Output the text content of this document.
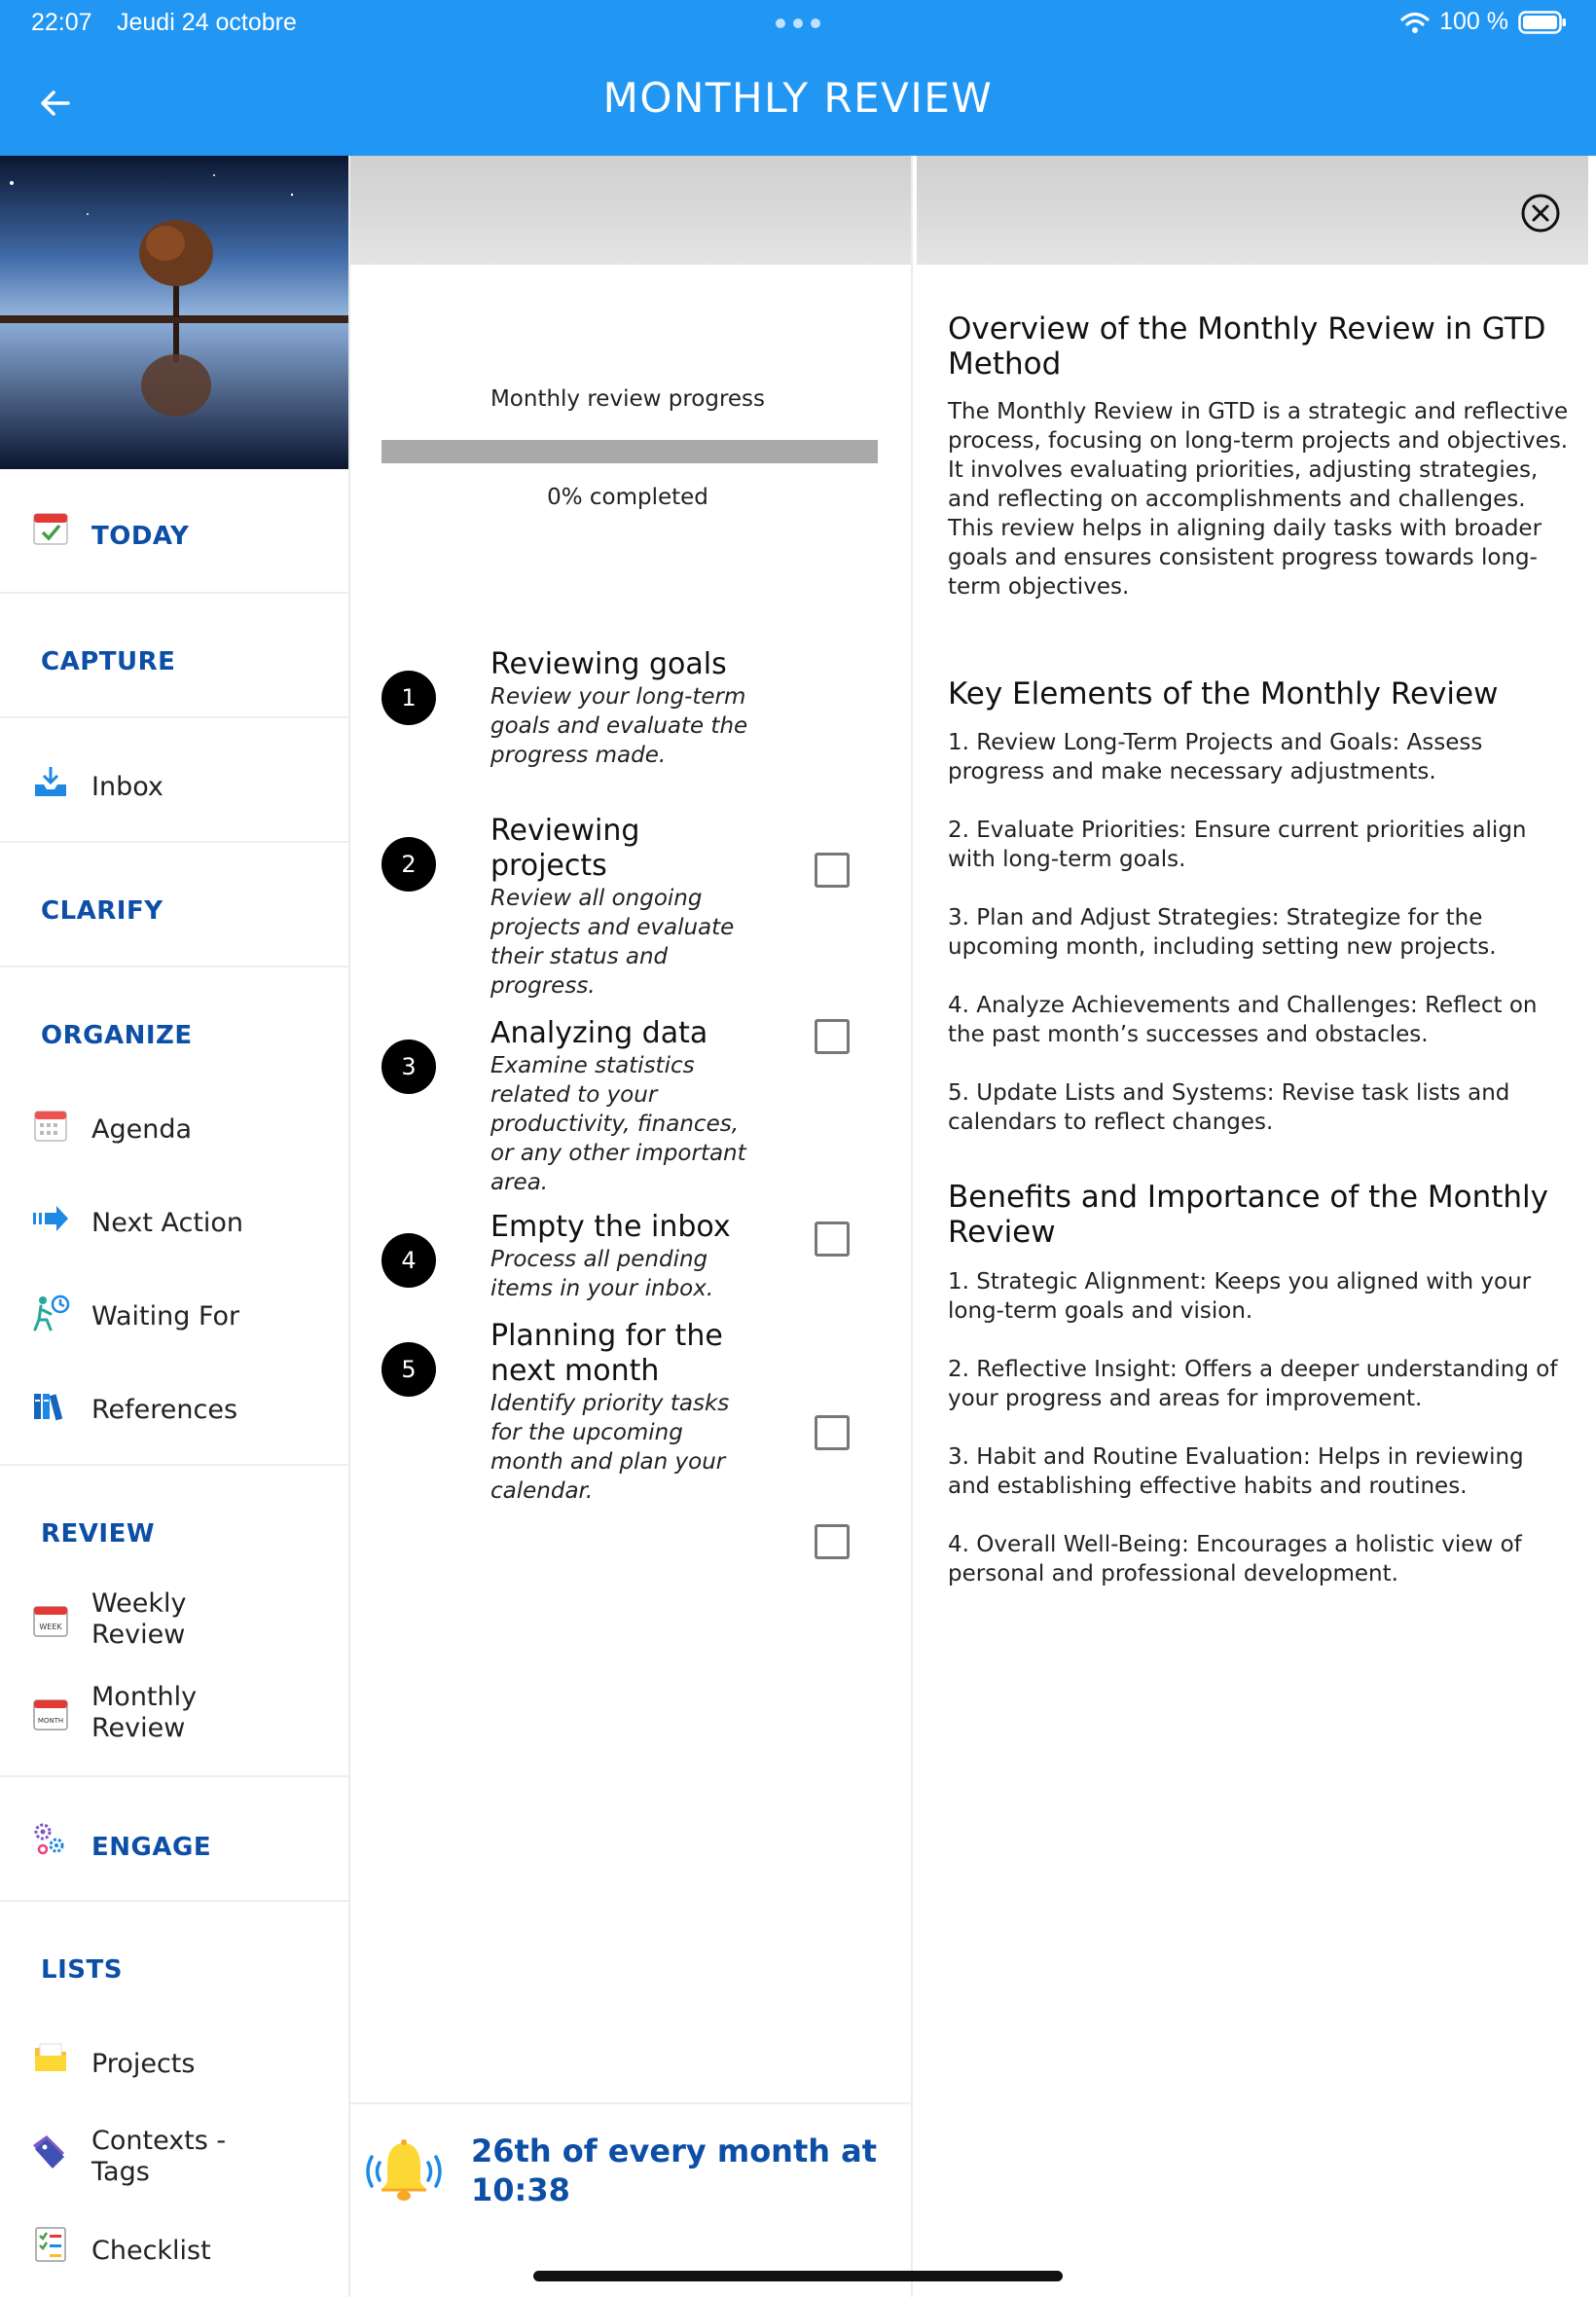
22:07 Jeudi 24 octobre	100 %
MONTHLY REVIEW
TODAY
CAPTURE
Inbox
CLARIFY
ORGANIZE
Agenda
Next Action
Waiting For
References
REVIEW
WEEK
Weekly
Review
MONTH
Monthly
Review
ENGAGE
LISTS
Projects
Contexts -
Tags
Checklist
Monthly review progress
0% completed
1
Reviewing goals
Review your long-term goals and evaluate the progress made.
2
Reviewing projects
Review all ongoing projects and evaluate their status and progress.
3
Analyzing data
Examine statistics related to your productivity, finances, or any other important area.
4
Empty the inbox
Process all pending items in your inbox.
5
Planning for the next month
Identify priority tasks for the upcoming month and plan your calendar.
26th of every month at 10:38
Overview of the Monthly Review in GTD Method
The Monthly Review in GTD is a strategic and reflective process, focusing on long-term projects and objectives. It involves evaluating priorities, adjusting strategies, and reflecting on accomplishments and challenges. This review helps in aligning daily tasks with broader goals and ensures consistent progress towards long-term objectives.
Key Elements of the Monthly Review
1. Review Long-Term Projects and Goals: Assess progress and make necessary adjustments.
2. Evaluate Priorities: Ensure current priorities align with long-term goals.
3. Plan and Adjust Strategies: Strategize for the upcoming month, including setting new projects.
4. Analyze Achievements and Challenges: Reflect on the past month’s successes and obstacles.
5. Update Lists and Systems: Revise task lists and calendars to reflect changes.
Benefits and Importance of the Monthly Review
1. Strategic Alignment: Keeps you aligned with your long-term goals and vision.
2. Reflective Insight: Offers a deeper understanding of your progress and areas for improvement.
3. Habit and Routine Evaluation: Helps in reviewing and establishing effective habits and routines.
4. Overall Well-Being: Encourages a holistic view of personal and professional development.
